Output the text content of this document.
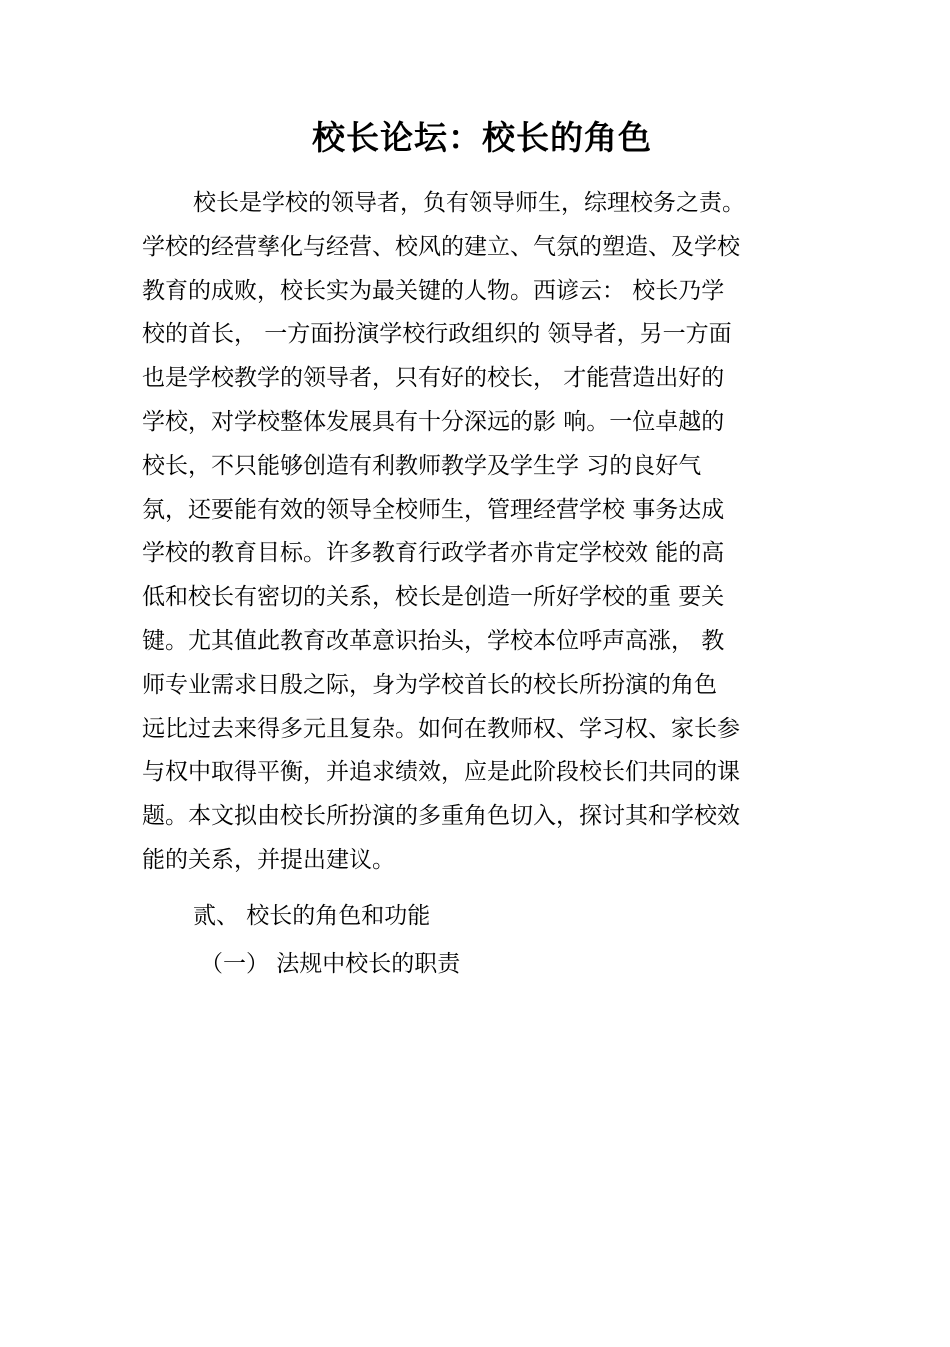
校长论坛：校长的角色
校长是学校的领导者，负有领导师生，综理校务之责。
学校的经营孳化与经营、校风的建立、气氛的塑造、及学校
教育的成败，校长实为最关键的人物。西谚云： 校长乃学
校的首长， 一方面扮演学校行政组织的 领导者，另一方面
也是学校教学的领导者，只有好的校长， 才能营造出好的
学校，对学校整体发展具有十分深远的影 响。一位卓越的
校长，不只能够创造有利教师教学及学生学 习的良好气
氛，还要能有效的领导全校师生，管理经营学校 事务达成
学校的教育目标。许多教育行政学者亦肯定学校效 能的高
低和校长有密切的关系，校长是创造一所好学校的重 要关
键。尤其值此教育改革意识抬头，学校本位呼声高涨， 教
师专业需求日殷之际，身为学校首长的校长所扮演的角色
远比过去来得多元且复杂。如何在教师权、学习权、家长参
与权中取得平衡，并追求绩效，应是此阶段校长们共同的课
题。本文拟由校长所扮演的多重角色切入，探讨其和学校效
能的关系，并提出建议。
贰、 校长的角色和功能
（一） 法规中校长的职责
